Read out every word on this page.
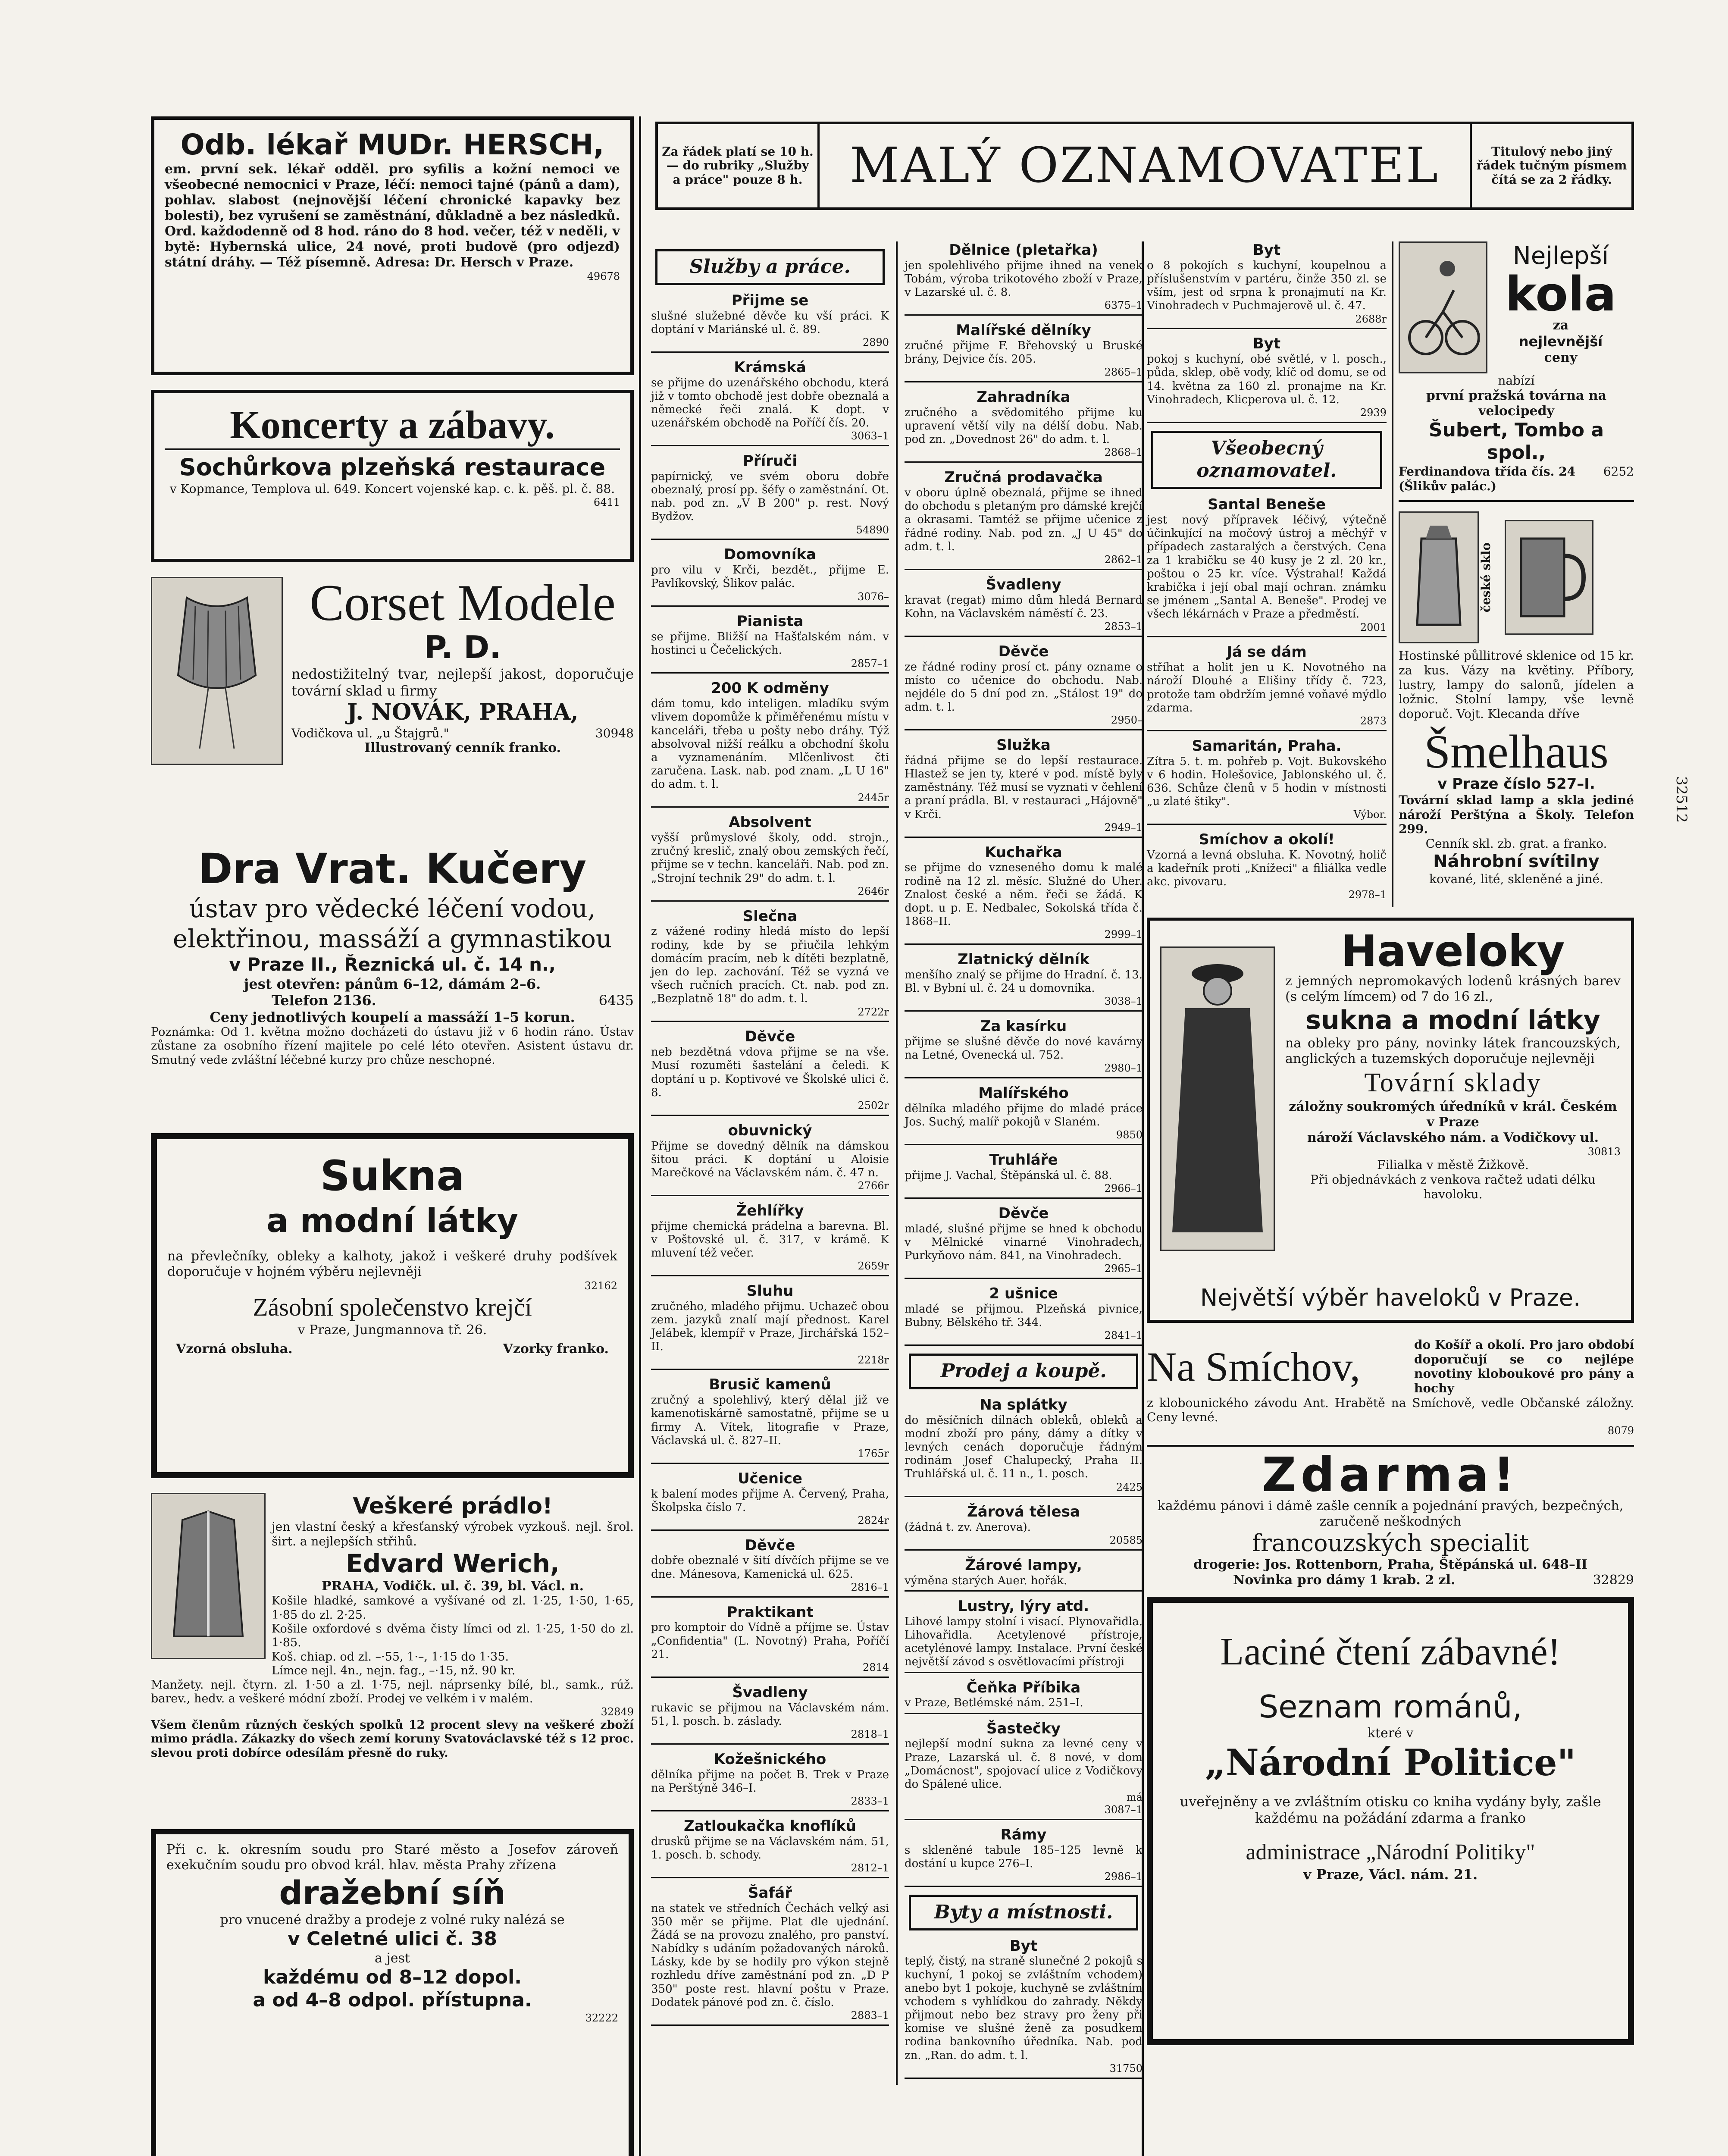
Za řádek platí se 10 h. — do rubriky „Služby a práce" pouze 8 h. MALÝ OZNAMOVATEL	Titulový nebo jiný řádek tučným písmem čítá se za 2 řádky.
Odb. lékař MUDr. HERSCH,
em. první sek. lékař odděl. pro syfilis a kožní nemoci ve všeobecné nemocnici v Praze, léčí: nemoci tajné (pánů a dam), pohlav. slabost (nejnovější léčení chronické kapavky bez bolesti), bez vyrušení se zaměstnání, důkladně a bez následků. Ord. každodenně od 8 hod. ráno do 8 hod. večer, též v neděli, v bytě: Hybernská ulice, 24 nové, proti budově (pro odjezd) státní dráhy. — Též písemně. Adresa: Dr. Hersch v Praze.
49678
Koncerty a zábavy.
Sochůrkova plzeňská restaurace
v Kopmance, Templova ul. 649. Koncert vojenské kap. c. k. pěš. pl. č. 88.
6411
Corset Modele
P. D.
nedostižitelný tvar, nejlepší jakost, doporučuje tovární sklad u firmy
J. NOVÁK, PRAHA,
Vodičkova ul. „u Štajgrů."	30948
Illustrovaný cenník franko.
Dra Vrat. Kučery
ústav pro vědecké léčení vodou,
elektřinou, massáží a gymnastikou
v Praze II., Řeznická ul. č. 14 n.,
jest otevřen: pánům 6–12, dámám 2–6.
Telefon 2136.	6435
Ceny jednotlivých koupelí a massáží 1–5 korun.
Poznámka: Od 1. května možno docházeti do ústavu již v 6 hodin ráno. Ústav zůstane za osobního řízení majitele po celé léto otevřen. Asistent ústavu dr. Smutný vede zvláštní léčebné kurzy pro chůze neschopné.
Sukna
a modní látky
na převlečníky, obleky a kalhoty, jakož i veškeré druhy podšívek doporučuje v hojném výběru nejlevněji
32162
Zásobní společenstvo krejčí
v Praze, Jungmannova tř. 26.
Vzorná obsluha.	Vzorky franko.
Veškeré prádlo!
jen vlastní český a křesťanský výrobek vyzkouš. nejl. šrol. širt. a nejlepších střihů.
Edvard Werich,
PRAHA, Vodičk. ul. č. 39, bl. Václ. n.
Košile hladké, samkové a vyšívané od zl. 1·25, 1·50, 1·65, 1·85 do zl. 2·25.
Košile oxfordové s dvěma čisty límci od zl. 1·25, 1·50 do zl. 1·85.
Koš. chiap. od zl. –·55, 1·–, 1·15 do 1·35.
Límce nejl. 4n., nejn. fag., –·15, nž. 90 kr.
Manžety. nejl. čtyrn. zl. 1·50 a zl. 1·75, nejl. náprsenky bílé, bl., samk., rúž. barev., hedv. a veškeré módní zboží. Prodej ve velkém i v malém.
32849
Všem členům různých českých spolků 12 procent slevy na veškeré zboží mimo prádla. Zákazky do všech zemí koruny Svatováclavské též s 12 proc. slevou proti dobírce odesílám přesně do ruky.
Při c. k. okresním soudu pro Staré město a Josefov zároveň exekučním soudu pro obvod král. hlav. města Prahy zřízena
dražební síň
pro vnucené dražby a prodeje z volné ruky nalézá se
v Celetné ulici č. 38
a jest
každému od 8–12 dopol.
a od 4–8 odpol. přístupna.
32222
Služby a práce.
Přijme se
slušné služebné děvče ku vší práci. K doptání v Mariánské ul. č. 89.
2890
Krámská
se přijme do uzenářského obchodu, která již v tomto obchodě jest dobře obeznalá a německé řeči znalá. K dopt. v uzenářském obchodě na Poříčí čís. 20.
3063–1
Příruči
papírnický, ve svém oboru dobře obeznalý, prosí pp. šéfy o zaměstnání. Ot. nab. pod zn. „V B 200" p. rest. Nový Bydžov.
54890
Domovníka
pro vilu v Krči, bezdět., přijme E. Pavlíkovský, Šlikov palác.
3076–
Pianista
se přijme. Bližší na Hašťalském nám. v hostinci u Čečelických.
2857–1
200 K odměny
dám tomu, kdo inteligen. mladíku svým vlivem dopomůže k přiměřenému místu v kanceláři, třeba u pošty nebo dráhy. Týž absolvoval nižší reálku a obchodní školu a vyznamenáním. Mlčenlivost čti zaručena. Lask. nab. pod znam. „L U 16" do adm. t. l.
2445r
Absolvent
vyšší průmyslové školy, odd. strojn., zručný kreslič, znalý obou zemských řečí, přijme se v techn. kanceláři. Nab. pod zn. „Strojní technik 29" do adm. t. l.
2646r
Slečna
z vážené rodiny hledá místo do lepší rodiny, kde by se přiučila lehkým domácím pracím, neb k dítěti bezplatně, jen do lep. zachování. Též se vyzná ve všech ručních pracích. Ct. nab. pod zn. „Bezplatně 18" do adm. t. l.
2722r
Děvče
neb bezdětná vdova přijme se na vše. Musí rozuměti šastelání a čeledi. K doptání u p. Koptivové ve Školské ulici č. 8.
2502r
obuvnický
Přijme se dovedný dělník na dámskou šitou práci. K doptání u Aloisie Marečkové na Václavském nám. č. 47 n.
2766r
Žehlířky
přijme chemická prádelna a barevna. Bl. v Poštovské ul. č. 317, v krámě. K mluvení též večer.
2659r
Sluhu
zručného, mladého přijmu. Uchazeč obou zem. jazyků znalí mají přednost. Karel Jelábek, klempíř v Praze, Jirchářská 152–II.
2218r
Brusič kamenů
zručný a spolehlivý, který dělal již ve kamenotiskárně samostatně, přijme se u firmy A. Vítek, litografie v Praze, Václavská ul. č. 827–II.
1765r
Učenice
k balení modes přijme A. Červený, Praha, Školpska číslo 7.
2824r
Děvče
dobře obeznalé v šití dívčích přijme se ve dne. Mánesova, Kamenická ul. 625.
2816–1
Praktikant
pro komptoir do Vídně a příjme se. Ústav „Confidentia" (L. Novotný) Praha, Poříčí 21.
2814
Švadleny
rukavic se přijmou na Václavském nám. 51, l. posch. b. záslady.
2818–1
Kožešnického
dělníka přijme na počet B. Trek v Praze na Perštýně 346–I.
2833–1
Zatloukačka knoflíků
drusků přijme se na Václavském nám. 51, 1. posch. b. schody.
2812–1
Šafář
na statek ve středních Čechách velký asi 350 měr se přijme. Plat dle ujednání. Žádá se na provozu znalého, pro panství. Nabídky s udáním požadovaných nároků. Lásky, kde by se hodily pro výkon stejně rozhledu dříve zaměstnání pod zn. „D P 350" poste rest. hlavní poštu v Praze. Dodatek pánové pod zn. č. číslo.
2883–1
Dělnice (pletařka)
jen spolehlivého přijme ihned na venek Tobám, výroba trikotového zboží v Praze, v Lazarské ul. č. 8.
6375–1
Malířské dělníky
zručné přijme F. Břehovský u Bruské brány, Dejvice čís. 205.
2865–1
Zahradníka
zručného a svědomitého přijme ku upravení větší vily na délší dobu. Nab. pod zn. „Dovednost 26" do adm. t. l.
2868–1
Zručná prodavačka
v oboru úplně obeznalá, přijme se ihned do obchodu s pletaným pro dámské krejčí a okrasami. Tamtéž se přijme učenice z řádné rodiny. Nab. pod zn. „J U 45" do adm. t. l.
2862–1
Švadleny
kravat (regat) mimo dům hledá Bernard Kohn, na Václavském náměstí č. 23.
2853–1
Děvče
ze řádné rodiny prosí ct. pány ozname o místo co učenice do obchodu. Nab. nejdéle do 5 dní pod zn. „Stálost 19" do adm. t. l.
2950–
Služka
řádná přijme se do lepší restaurace. Hlastež se jen ty, které v pod. místě byly zaměstnány. Též musí se vyznati v čehlení a praní prádla. Bl. v restauraci „Hájovně" v Krči.
2949–1
Kuchařka
se přijme do vzneseného domu k malé rodině na 12 zl. měsíc. Služné do Uher. Znalost české a něm. řeči se žádá. K dopt. u p. E. Nedbalec, Sokolská třída č. 1868–II.
2999–1
Zlatnický dělník
menšího znalý se přijme do Hradní. č. 13. Bl. v Bybní ul. č. 24 u domovníka.
3038–1
Za kasírku
přijme se slušné děvče do nové kavárny na Letné, Ovenecká ul. 752.
2980–1
Malířského
dělníka mladého přijme do mladé práce Jos. Suchý, malíř pokojů v Slaném.
9850
Truhláře
přijme J. Vachal, Štěpánská ul. č. 88.
2966–1
Děvče
mladé, slušné přijme se hned k obchodu v Mělnické vinarné Vinohradech, Purkyňovo nám. 841, na Vinohradech.
2965–1
2 ušnice
mladé se přijmou. Plzeňská pivnice, Bubny, Bělského tř. 344.
2841–1
Prodej a koupě.
Na splátky
do měsíčních dílnách obleků, obleků a modní zboží pro pány, dámy a dítky v levných cenách doporučuje řádným rodinám Josef Chalupecký, Praha II. Truhlářská ul. č. 11 n., 1. posch.
2425
Žárová tělesa
(žádná t. zv. Anerova).
20585
Žárové lampy,
výměna starých Auer. hořák.
Lustry, lýry atd.
Lihové lampy stolní i visací. Plynovařidla. Lihovařidla. Acetylenové přístroje, acetylénové lampy. Instalace. První české největší závod s osvětlovacími přístroji
Čeňka Příbika
v Praze, Betlémské nám. 251–I.
Šastečky
nejlepší modní sukna za levné ceny v Praze, Lazarská ul. č. 8 nové, v dom „Domácnost", spojovací ulice z Vodičkovy do Spálené ulice.
má
3087–1
Rámy
s skleněné tabule 185–125 levně k dostání u kupce 276–I.
2986–1
Byty a místnosti.
Byt
teplý, čistý, na straně slunečné 2 pokojů s kuchyní, 1 pokoj se zvláštním vchodem) anebo byt 1 pokoje, kuchyně se zvláštním vchodem s vyhlídkou do zahrady. Někdy přijmout nebo bez stravy pro ženy při komise ve slušné ženě za posudkem rodina bankovního úředníka. Nab. pod zn. „Ran. do adm. t. l.
31750
Byt
o 8 pokojích s kuchyní, koupelnou a příslušenstvím v partéru, činže 350 zl. se vším, jest od srpna k pronajmutí na Kr. Vinohradech v Puchmajerově ul. č. 47.
2688r
Byt
pokoj s kuchyní, obé světlé, v l. posch., půda, sklep, obě vody, klíč od domu, se od 14. května za 160 zl. pronajme na Kr. Vinohradech, Klicperova ul. č. 12.
2939
Všeobecný oznamovatel.
Santal Beneše
jest nový přípravek léčivý, výtečně účinkující na močový ústroj a měchýř v případech zastaralých a čerstvých. Cena za 1 krabičku se 40 kusy je 2 zl. 20 kr., poštou o 25 kr. více. Výstrahal! Každá krabička i její obal mají ochran. známku se jménem „Santal A. Beneše". Prodej ve všech lékárnách v Praze a předměstí.
2001
Já se dám
stříhat a holit jen u K. Novotného na nároží Dlouhé a Elišiny třídy č. 723, protože tam obdržím jemné voňavé mýdlo zdarma.
2873
Samaritán, Praha.
Zítra 5. t. m. pohřeb p. Vojt. Bukovského v 6 hodin. Holešovice, Jablonského ul. č. 636. Schůze členů v 5 hodin v místnosti „u zlaté štiky".
Výbor.
Smíchov a okolí!
Vzorná a levná obsluha. K. Novotný, holič a kadeřník proti „Knížeci" a filiálka vedle akc. pivovaru.
2978–1
Nejlepší
kola
za
nejlevnější
ceny
nabízí
první pražská továrna na velocipedy
Šubert, Tombo a spol.,
Ferdinandova třída čís. 24 (Šlikův palác.)
6252
české sklo
Hostinské půllitrové sklenice od 15 kr. za kus. Vázy na květiny. Příbory, lustry, lampy do salonů, jídelen a ložnic. Stolní lampy, vše levně doporuč. Vojt. Klecanda dříve
Šmelhaus
v Praze číslo 527–I.
Tovární sklad lamp a skla jediné nároží Perštýna a Školy. Telefon 299.
Cenník skl. zb. grat. a franko.
Náhrobní svítilny
kované, lité, skleněné a jiné.
Haveloky
z jemných nepromokavých lodenů krásných barev (s celým límcem) od 7 do 16 zl.,
sukna a modní látky
na obleky pro pány, novinky látek francouzských, anglických a tuzemských doporučuje nejlevněji
Tovární sklady
záložny soukromých úředníků v král. Českém v Praze
nároží Václavského nám. a Vodičkovy ul.
30813
Filialka v městě Žižkově.
Při objednávkách z venkova račtež udati délku havoloku.
Největší výběr haveloků v Praze.
Na Smíchov,	do Košíř a okolí. Pro jaro období doporučují se co nejlépe novotiny kloboukové pro pány a hochy
z klobounického závodu Ant. Hrabětě na Smíchově, vedle Občanské záložny. Ceny levné.
8079
Zdarma!
každému pánovi i dámě zašle cenník a pojednání pravých, bezpečných, zaručeně neškodných
francouzských specialit
drogerie: Jos. Rottenborn, Praha, Štěpánská ul. 648–II
Novinka pro dámy 1 krab. 2 zl.	32829
Laciné čtení zábavné!
Seznam románů,
které v
„Národní Politice"
uveřejněny a ve zvláštním otisku co kniha vydány byly, zašle každému na požádání zdarma a franko
administrace „Národní Politiky"
v Praze, Václ. nám. 21.
32512
